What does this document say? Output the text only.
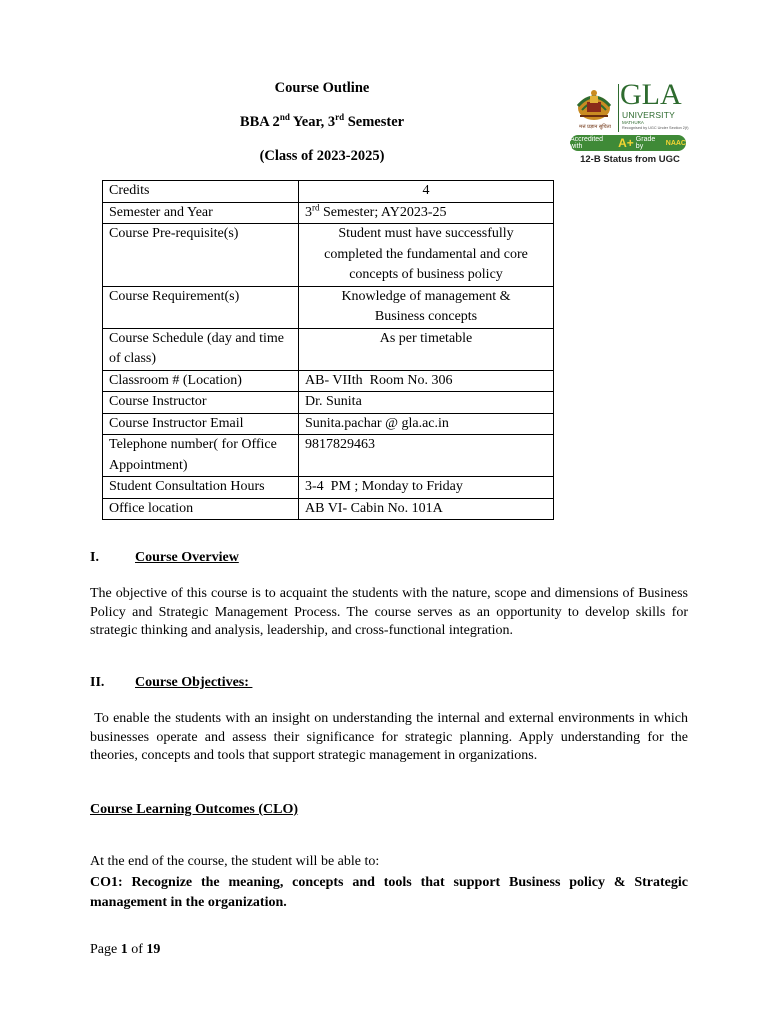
Course Outline
BBA 2nd Year, 3rd Semester
(Class of 2023-2025)
मत्तं प्रज्ञान सुचिता
GLA
UNIVERSITY
MATHURA
Recognised by UGC Under Section 2(f)
Accredited with	A+ Grade by	NAAC
12-B Status from UGC
Credits	4
Semester and Year	3rd Semester; AY2023-25
Course Pre-requisite(s)	Student must have successfully completed the fundamental and core concepts of business policy
Course Requirement(s)	Knowledge of management & Business concepts
Course Schedule (day and time of class)	As per timetable
Classroom # (Location)	AB- VIIth  Room No. 306
Course Instructor	Dr. Sunita
Course Instructor Email	Sunita.pachar @ gla.ac.in
Telephone number( for Office Appointment)	9817829463
Student Consultation Hours	3-4  PM ; Monday to Friday
Office location	AB VI- Cabin No. 101A
I.	Course Overview
The objective of this course is to acquaint the students with the nature, scope and dimensions of Business Policy and Strategic Management Process. The course serves as an opportunity to develop skills for strategic thinking and analysis, leadership, and cross-functional integration.
II. Course Objectives:
To enable the students with an insight on understanding the internal and external environments in which businesses operate and assess their significance for strategic planning. Apply understanding for the theories, concepts and tools that support strategic management in organizations.
Course Learning Outcomes (CLO)
At the end of the course, the student will be able to:
CO1: Recognize the meaning, concepts and tools that support Business policy & Strategic management in the organization.
Page 1 of 19
